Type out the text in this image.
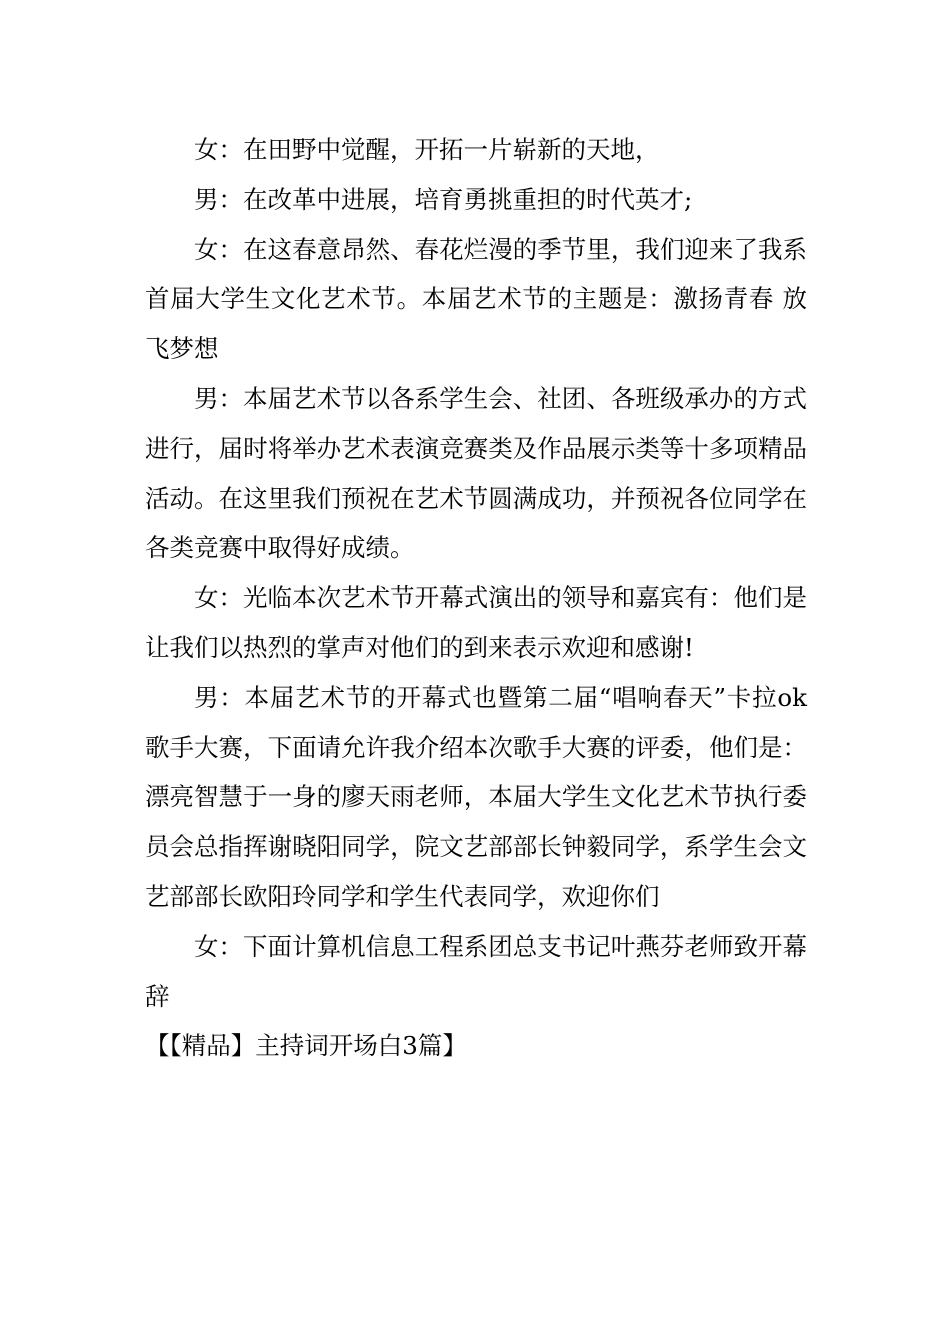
女：在田野中觉醒，开拓一片崭新的天地，

男：在改革中进展，培育勇挑重担的时代英才;

女：在这春意昂然、春花烂漫的季节里，我们迎来了我系首届大学生文化艺术节。本届艺术节的主题是：激扬青春 放飞梦想

男：本届艺术节以各系学生会、社团、各班级承办的方式进行，届时将举办艺术表演竞赛类及作品展示类等十多项精品活动。在这里我们预祝在艺术节圆满成功，并预祝各位同学在各类竞赛中取得好成绩。

女：光临本次艺术节开幕式演出的领导和嘉宾有：他们是让我们以热烈的掌声对他们的到来表示欢迎和感谢!

男：本届艺术节的开幕式也暨第二届“唱响春天”卡拉ok歌手大赛，下面请允许我介绍本次歌手大赛的评委，他们是：漂亮智慧于一身的廖天雨老师，本届大学生文化艺术节执行委员会总指挥谢晓阳同学，院文艺部部长钟毅同学，系学生会文艺部部长欧阳玲同学和学生代表同学，欢迎你们

女：下面计算机信息工程系团总支书记叶燕芬老师致开幕辞

【【精品】主持词开场白3篇】
